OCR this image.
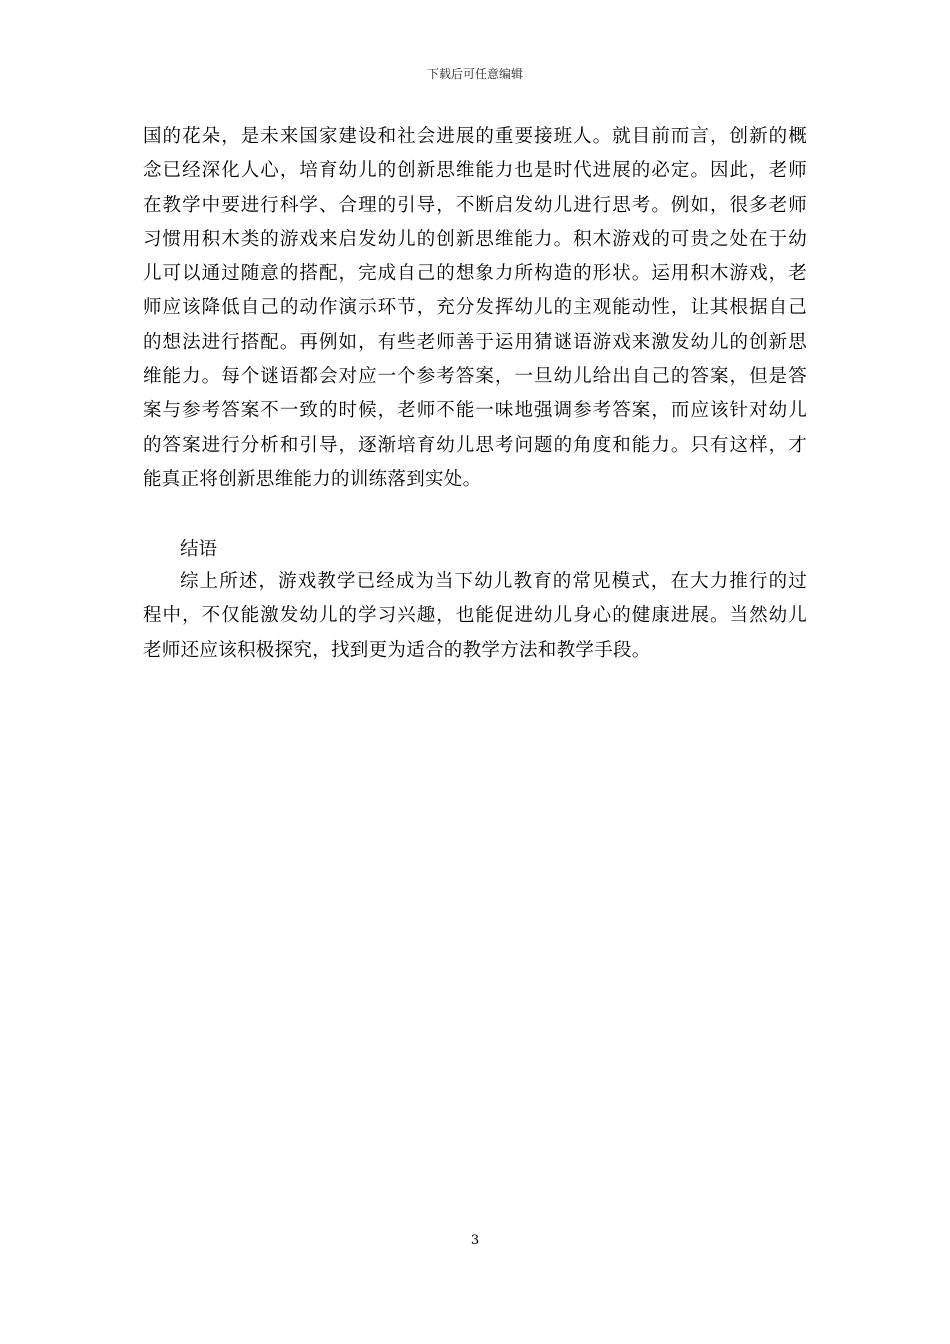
下载后可任意编辑
国的花朵，是未来国家建设和社会进展的重要接班人。就目前而言，创新的概
念已经深化人心，培育幼儿的创新思维能力也是时代进展的必定。因此，老师
在教学中要进行科学、合理的引导，不断启发幼儿进行思考。例如，很多老师
习惯用积木类的游戏来启发幼儿的创新思维能力。积木游戏的可贵之处在于幼
儿可以通过随意的搭配，完成自己的想象力所构造的形状。运用积木游戏，老
师应该降低自己的动作演示环节，充分发挥幼儿的主观能动性，让其根据自己
的想法进行搭配。再例如，有些老师善于运用猜谜语游戏来激发幼儿的创新思
维能力。每个谜语都会对应一个参考答案，一旦幼儿给出自己的答案，但是答
案与参考答案不一致的时候，老师不能一味地强调参考答案，而应该针对幼儿
的答案进行分析和引导，逐渐培育幼儿思考问题的角度和能力。只有这样，才
能真正将创新思维能力的训练落到实处。
结语
综上所述，游戏教学已经成为当下幼儿教育的常见模式，在大力推行的过
程中，不仅能激发幼儿的学习兴趣，也能促进幼儿身心的健康进展。当然幼儿
老师还应该积极探究，找到更为适合的教学方法和教学手段。
3
